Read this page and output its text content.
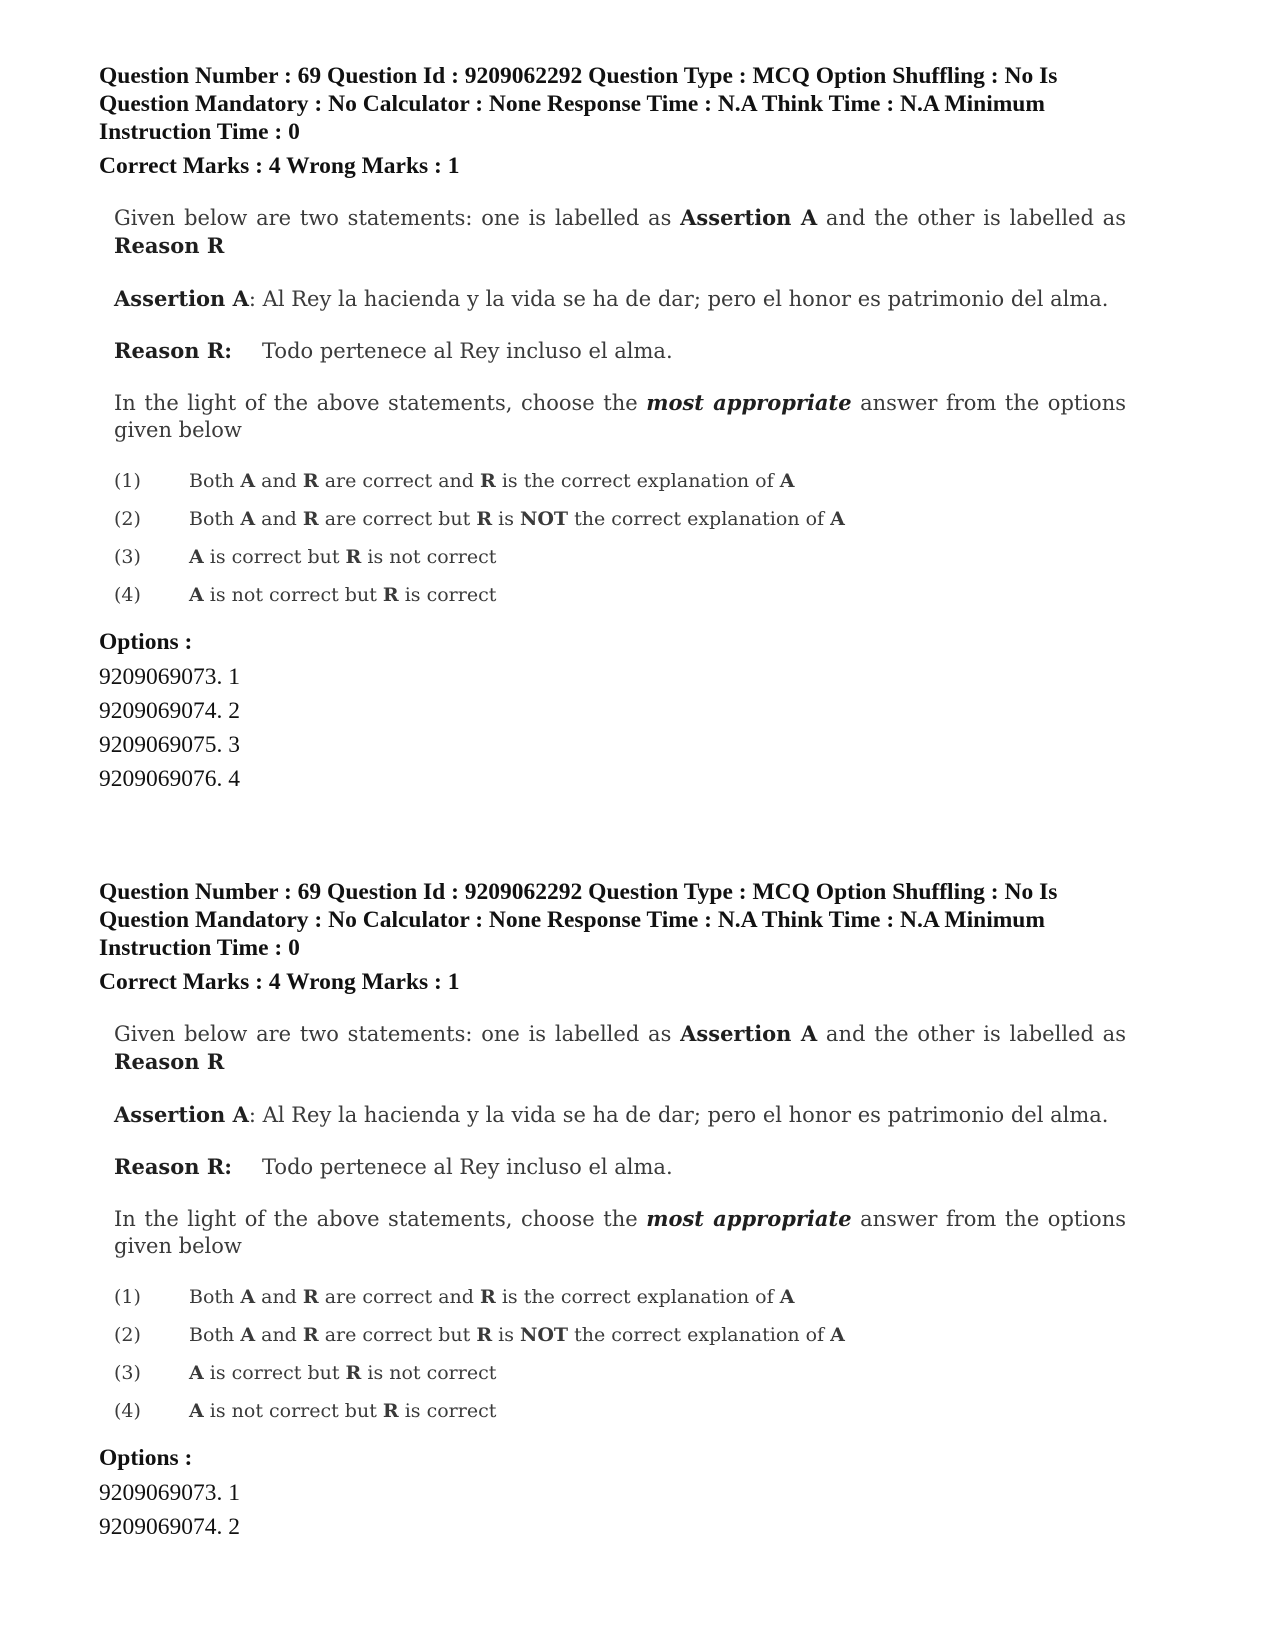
Question Number : 69 Question Id : 9209062292 Question Type : MCQ Option Shuffling : No Is
Question Mandatory : No Calculator : None Response Time : N.A Think Time : N.A Minimum
Instruction Time : 0
Correct Marks : 4 Wrong Marks : 1

Given below are two statements: one is labelled as Assertion A and the other is labelled as Reason R

Assertion A: Al Rey la hacienda y la vida se ha de dar; pero el honor es patrimonio del alma.

Reason R: Todo pertenece al Rey incluso el alma.

In the light of the above statements, choose the most appropriate answer from the options given below

(1)	Both A and R are correct and R is the correct explanation of A
(2)	Both A and R are correct but R is NOT the correct explanation of A
(3)	A is correct but R is not correct
(4)	A is not correct but R is correct
Options :
9209069073. 1
9209069074. 2
9209069075. 3
9209069076. 4
Question Number : 69 Question Id : 9209062292 Question Type : MCQ Option Shuffling : No Is
Question Mandatory : No Calculator : None Response Time : N.A Think Time : N.A Minimum
Instruction Time : 0
Correct Marks : 4 Wrong Marks : 1

Given below are two statements: one is labelled as Assertion A and the other is labelled as Reason R

Assertion A: Al Rey la hacienda y la vida se ha de dar; pero el honor es patrimonio del alma.

Reason R: Todo pertenece al Rey incluso el alma.

In the light of the above statements, choose the most appropriate answer from the options given below

(1)	Both A and R are correct and R is the correct explanation of A
(2)	Both A and R are correct but R is NOT the correct explanation of A
(3)	A is correct but R is not correct
(4)	A is not correct but R is correct
Options :
9209069073. 1
9209069074. 2
